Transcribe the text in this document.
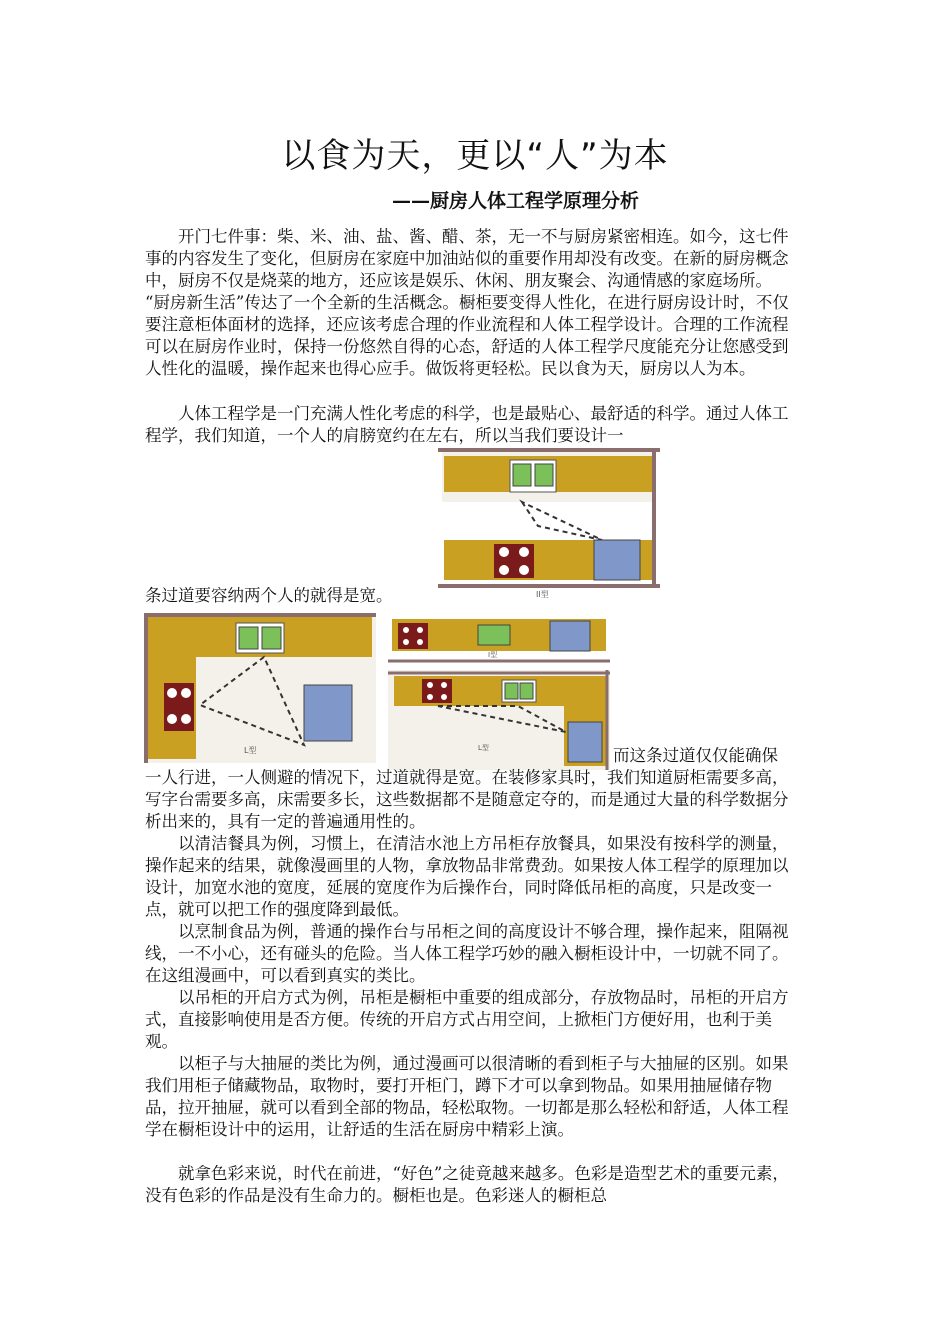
以食为天，更以“人”为本
——厨房人体工程学原理分析

开门七件事：柴、米、油、盐、酱、醋、茶，无一不与厨房紧密相连。如今，这七件事的内容发生了变化，但厨房在家庭中加油站似的重要作用却没有改变。在新的厨房概念中，厨房不仅是烧菜的地方，还应该是娱乐、休闲、朋友聚会、沟通情感的家庭场所。 “厨房新生活”传达了一个全新的生活概念。橱柜要变得人性化，在进行厨房设计时，不仅要注意柜体面材的选择，还应该考虑合理的作业流程和人体工程学设计。合理的工作流程可以在厨房作业时，保持一份悠然自得的心态，舒适的人体工程学尺度能充分让您感受到人性化的温暖，操作起来也得心应手。做饭将更轻松。民以食为天，厨房以人为本。

人体工程学是一门充满人性化考虑的科学，也是最贴心、最舒适的科学。通过人体工程学，我们知道，一个人的肩膀宽约在左右，所以当我们要设计一

条过道要容纳两个人的就得是宽。	II型
L型
I型
L型	而这条过道仅仅能确保

一人行进，一人侧避的情况下，过道就得是宽。在装修家具时，我们知道厨柜需要多高，写字台需要多高，床需要多长，这些数据都不是随意定夺的，而是通过大量的科学数据分析出来的，具有一定的普遍通用性的。

以清洁餐具为例，习惯上，在清洁水池上方吊柜存放餐具，如果没有按科学的测量，操作起来的结果，就像漫画里的人物，拿放物品非常费劲。如果按人体工程学的原理加以设计，加宽水池的宽度，延展的宽度作为后操作台，同时降低吊柜的高度，只是改变一点，就可以把工作的强度降到最低。

以烹制食品为例，普通的操作台与吊柜之间的高度设计不够合理，操作起来，阻隔视线，一不小心，还有碰头的危险。当人体工程学巧妙的融入橱柜设计中，一切就不同了。在这组漫画中，可以看到真实的类比。

以吊柜的开启方式为例，吊柜是橱柜中重要的组成部分，存放物品时，吊柜的开启方式，直接影响使用是否方便。传统的开启方式占用空间，上掀柜门方便好用，也利于美观。

以柜子与大抽屉的类比为例，通过漫画可以很清晰的看到柜子与大抽屉的区别。如果我们用柜子储藏物品，取物时，要打开柜门，蹲下才可以拿到物品。如果用抽屉储存物品，拉开抽屉，就可以看到全部的物品，轻松取物。一切都是那么轻松和舒适，人体工程学在橱柜设计中的运用，让舒适的生活在厨房中精彩上演。

就拿色彩来说，时代在前进，“好色”之徒竟越来越多。色彩是造型艺术的重要元素，没有色彩的作品是没有生命力的。橱柜也是。色彩迷人的橱柜总
